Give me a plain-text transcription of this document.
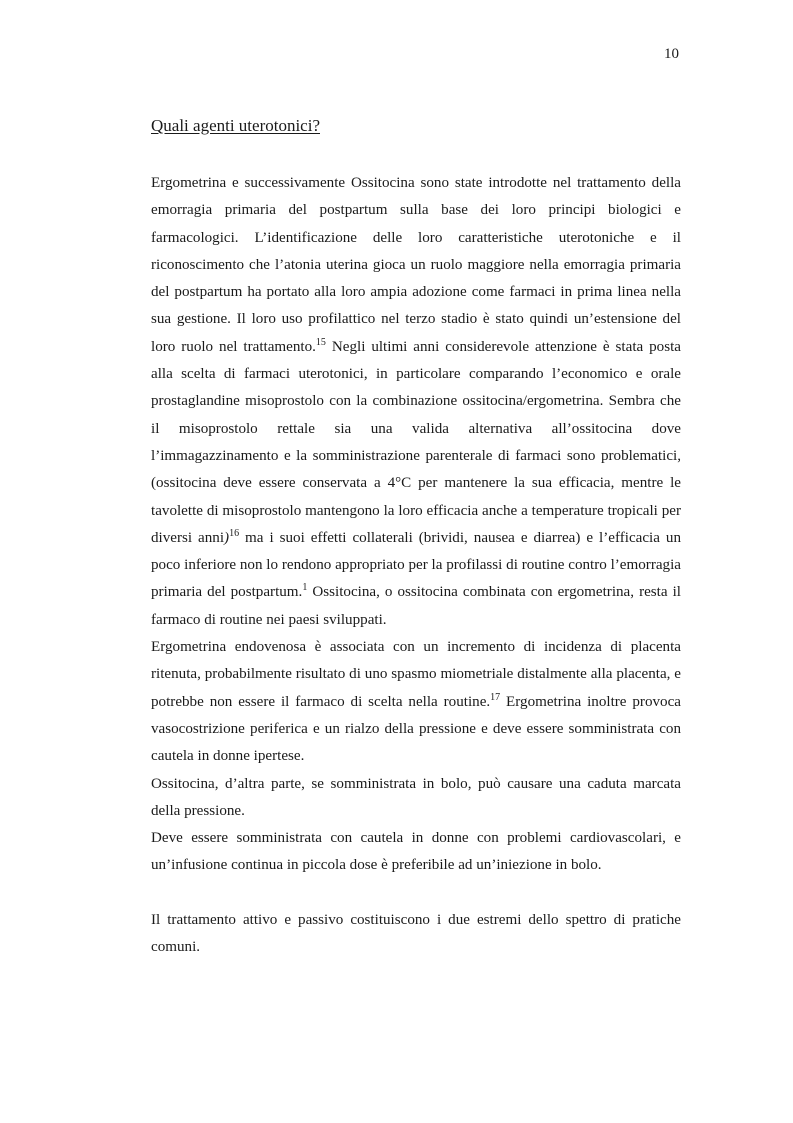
10
Quali agenti uterotonici?

Ergometrina e successivamente Ossitocina sono state introdotte nel trattamento della emorragia primaria del postpartum sulla base dei loro principi biologici e farmacologici. L’identificazione delle loro caratteristiche uterotoniche e il riconoscimento che l’atonia uterina gioca un ruolo maggiore nella emorragia primaria del postpartum ha portato alla loro ampia adozione come farmaci in prima linea nella sua gestione. Il loro uso profilattico nel terzo stadio è stato quindi un’estensione del loro ruolo nel trattamento.$^{15}$ Negli ultimi anni considerevole attenzione è stata posta alla scelta di farmaci uterotonici, in particolare comparando l’economico e orale prostaglandine misoprostolo con la combinazione ossitocina/ergometrina. Sembra che il misoprostolo rettale sia una valida alternativa all’ossitocina dove l’immagazzinamento e la somministrazione parenterale di farmaci sono problematici, (ossitocina deve essere conservata a 4°C per mantenere la sua efficacia, mentre le tavolette di misoprostolo mantengono la loro efficacia anche a temperature tropicali per diversi anni)$^{16}$ ma i suoi effetti collaterali (brividi, nausea e diarrea) e l’efficacia un poco inferiore non lo rendono appropriato per la profilassi di routine contro l’emorragia primaria del postpartum.$^1$ Ossitocina, o ossitocina combinata con ergometrina, resta il farmaco di routine nei paesi sviluppati.

Ergometrina endovenosa è associata con un incremento di incidenza di placenta ritenuta, probabilmente risultato di uno spasmo miometriale distalmente alla placenta, e potrebbe non essere il farmaco di scelta nella routine.$^{17}$ Ergometrina inoltre provoca vasocostrizione periferica e un rialzo della pressione e deve essere somministrata con cautela in donne ipertese.

Ossitocina, d’altra parte, se somministrata in bolo, può causare una caduta marcata della pressione.

Deve essere somministrata con cautela in donne con problemi cardiovascolari, e un’infusione continua in piccola dose è preferibile ad un’iniezione in bolo.

Il trattamento attivo e passivo costituiscono i due estremi dello spettro di pratiche comuni.
